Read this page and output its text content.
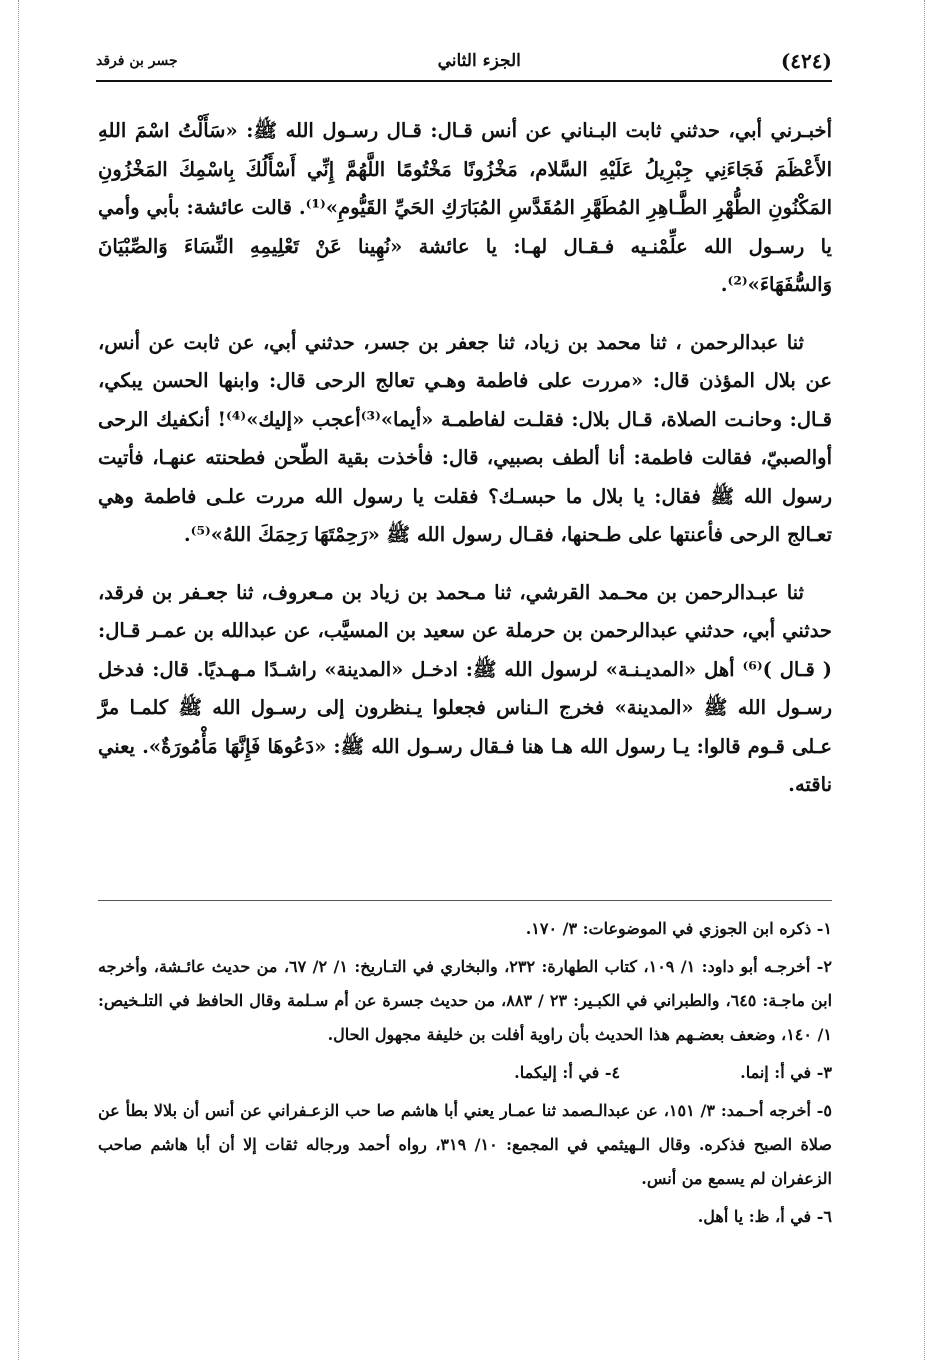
(٤٢٤)
الجزء الثاني
جسر بن فرقد

أخبـرني أبي، حدثني ثابت البـناني عن أنس قـال: قـال رسـول الله ﷺ: «سَأَلْتُ اسْمَ اللهِ الأَعْظَمَ فَجَاءَنِي جِبْرِيلُ عَلَيْهِ السَّلام، مَخْزُونًا مَخْتُومًا اللَّهُمَّ إِنِّي أَسْأَلُكَ بِاسْمِكَ المَخْزُونِ المَكْنُونِ الطُّهْرِ الطَّـاهِرِ المُطَهَّرِ المُقَدَّسِ المُبَارَكِ الحَيِّ القَيُّومِ»⁽¹⁾. قالت عائشة: بأبي وأمي يا رسـول الله علِّمْنـيه فـقـال لهـا: يا عائشة «نُهِينا عَنْ تَعْلِيمِهِ النِّسَاءَ وَالصِّبْيَانَ وَالسُّفَهَاءَ»⁽²⁾.

ثنا عبدالرحمن ، ثنا محمد بن زياد، ثنا جعفر بن جسر، حدثني أبي، عن ثابت عن أنس، عن بلال المؤذن قال: «مررت على فاطمة وهـي تعالج الرحى قال: وابنها الحسن يبكي، قـال: وحانـت الصلاة، قـال بلال: فقلـت لفاطمـة «أيما»⁽³⁾أعجب «إليك»⁽⁴⁾! أنكفيك الرحى أوالصبيّ، فقالت فاطمة: أنا ألطف بصبيي، قال: فأخذت بقية الطّحن فطحنته عنهـا، فأتيت رسول الله ﷺ فقال: يا بلال ما حبسـك؟ فقلت يا رسول الله مررت علـى فاطمة وهي تعـالج الرحى فأعنتها على طـحنها، فقـال رسول الله ﷺ «رَحِمْتَهَا رَحِمَكَ اللهُ»⁽⁵⁾.

ثنا عبـدالرحمن بن محـمد القرشي، ثنا مـحمد بن زياد بن مـعروف، ثنا جعـفر بن فرقد، حدثني أبي، حدثني عبدالرحمن بن حرملة عن سعيد بن المسيَّب، عن عبدالله بن عمـر قـال: ( قـال )⁽⁶⁾ أهل «المديـنـة» لرسول الله ﷺ: ادخـل «المدينة» راشـدًا مـهـديًا. قال: فدخل رسـول الله ﷺ «المدينة» فخرج الـناس فجعلوا يـنظرون إلى رسـول الله ﷺ كلمـا مرَّ عـلى قـوم قالوا: يـا رسول الله هـا هنا فـقال رسـول الله ﷺ: «دَعُوهَا فَإِنَّهَا مَأْمُورَةٌ». يعني ناقته.

١- ذكره ابن الجوزي في الموضوعات: ٣/ ١٧٠.

٢- أخرجـه أبو داود: ١/ ١٠٩، كتاب الطهارة: ٢٣٢، والبخاري في التـاريخ: ١/ ٢/ ٦٧، من حديث عائـشة، وأخرجه ابن ماجـة: ٦٤٥، والطبراني في الكبـير: ٢٣ / ٨٨٣، من حديث جسرة عن أم سـلمة وقال الحافظ في التلـخيص: ١/ ١٤٠، وضعف بعضـهم هذا الحديث بأن راوية أفلت بن خليفة مجهول الحال.

٣- في أ: إنما.
٤- في أ: إليكما.

٥- أخرجه أحـمد: ٣/ ١٥١، عن عبدالـصمد ثنا عمـار يعني أبا هاشم صا حب الزعـفراني عن أنس أن بلالا بطأ عن صلاة الصبح فذكره. وقال الـهيثمي في المجمع: ١٠/ ٣١٩، رواه أحمد ورجاله ثقات إلا أن أبا هاشم صاحب الزعفران لم يسمع من أنس.

٦- في أ، ظ: يا أهل.
